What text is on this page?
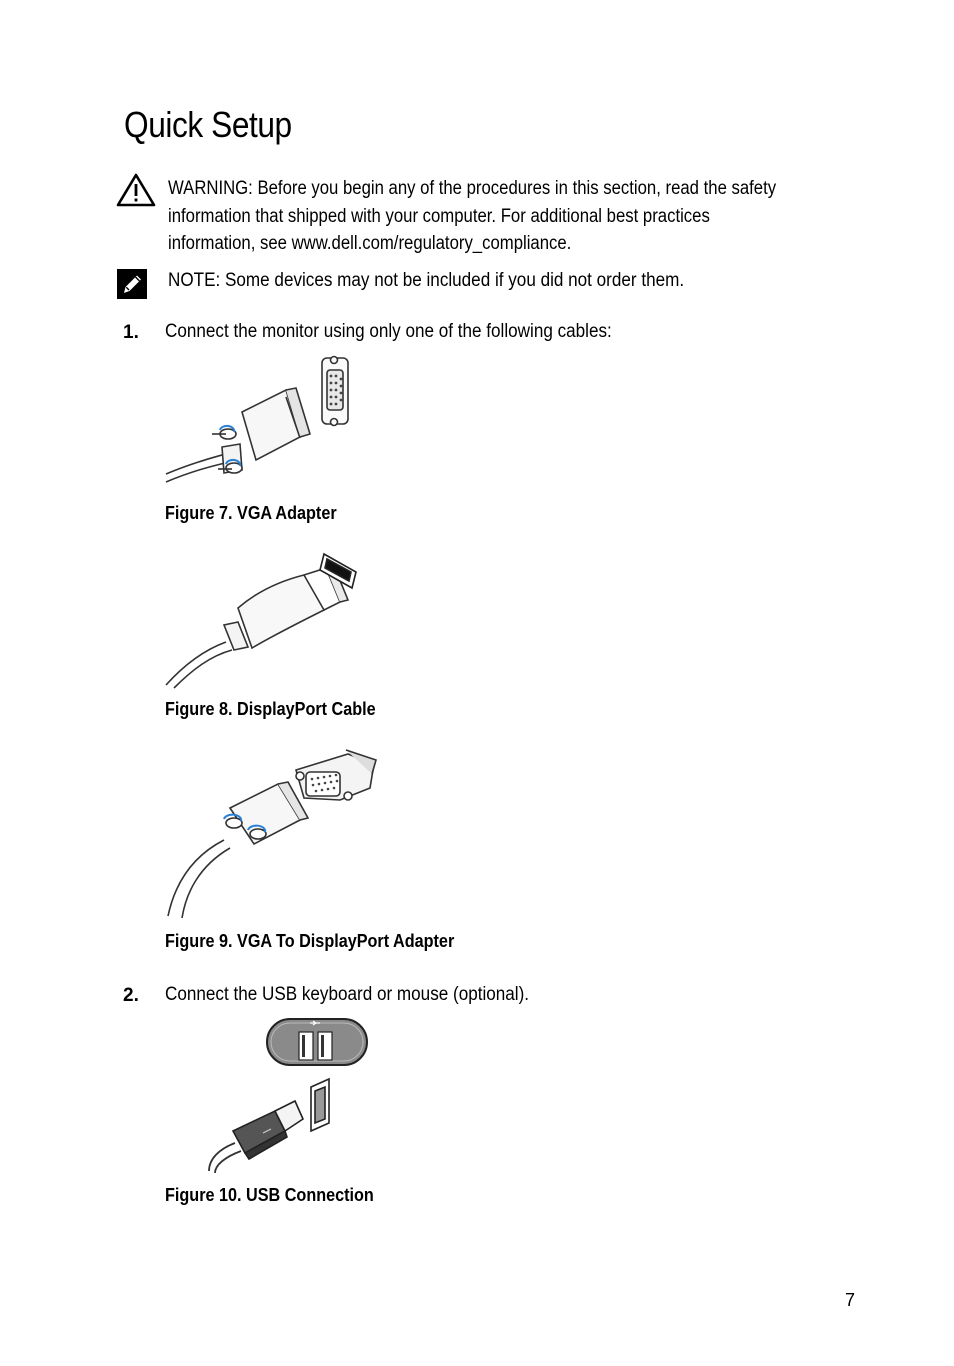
Quick Setup
WARNING: Before you begin any of the procedures in this section, read the safety
information that shipped with your computer. For additional best practices
information, see www.dell.com/regulatory_compliance.
NOTE: Some devices may not be included if you did not order them.
1. Connect the monitor using only one of the following cables:
Figure 7. VGA Adapter
Figure 8. DisplayPort Cable
Figure 9. VGA To DisplayPort Adapter
2. Connect the USB keyboard or mouse (optional).
Figure 10. USB Connection
7
